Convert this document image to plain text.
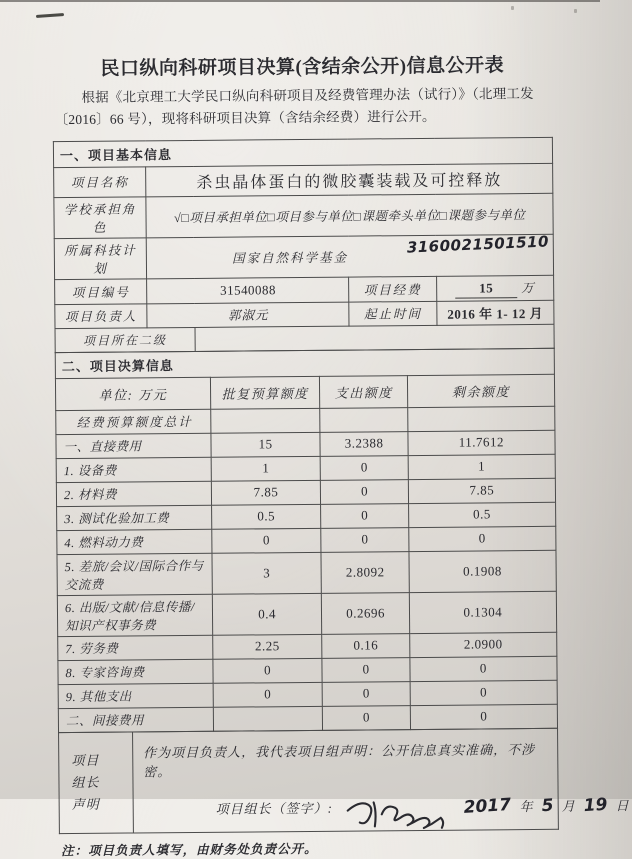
民口纵向科研项目决算(含结余公开)信息公开表
根据《北京理工大学民口纵向科研项目及经费管理办法（试行）》（北理工发〔2016〕66 号），现将科研项目决算（含结余经费）进行公开。
一、项目基本信息				
项目名称	杀虫晶体蛋白的微胶囊装载及可控释放			
学校承担角色	√□项目承担单位□项目参与单位□课题牵头单位□课题参与单位			
所属科技计划	国家自然科学基金
3160021501510			

项目编号	31540088		项目经费	15 万
项目负责人	郭淑元		起止时间	2016 年 1- 12 月
项目所在二级				
二、项目决算信息			
单位: 万元	批复预算额度	支出额度	剩余额度
经费预算额度总计			
一、直接费用	15	3.2388	11.7612
1. 设备费	1	0	1
2. 材料费	7.85	0	7.85
3. 测试化验加工费	0.5	0	0.5
4. 燃料动力费	0	0	0
5. 差旅/会议/国际合作与交流费	3	2.8092	0.1908
6. 出版/文献/信息传播/知识产权事务费	0.4	0.2696	0.1304
7. 劳务费	2.25	0.16	2.0900
8. 专家咨询费	0	0	0
9. 其他支出	0	0	0
二、间接费用		0	0
项目
组长
声明

作为项目负责人，我代表项目组声明：公开信息真实准确，不涉密。
项目组长（签字）:	2017 年 5 月 19 日
注：项目负责人填写，由财务处负责公开。
